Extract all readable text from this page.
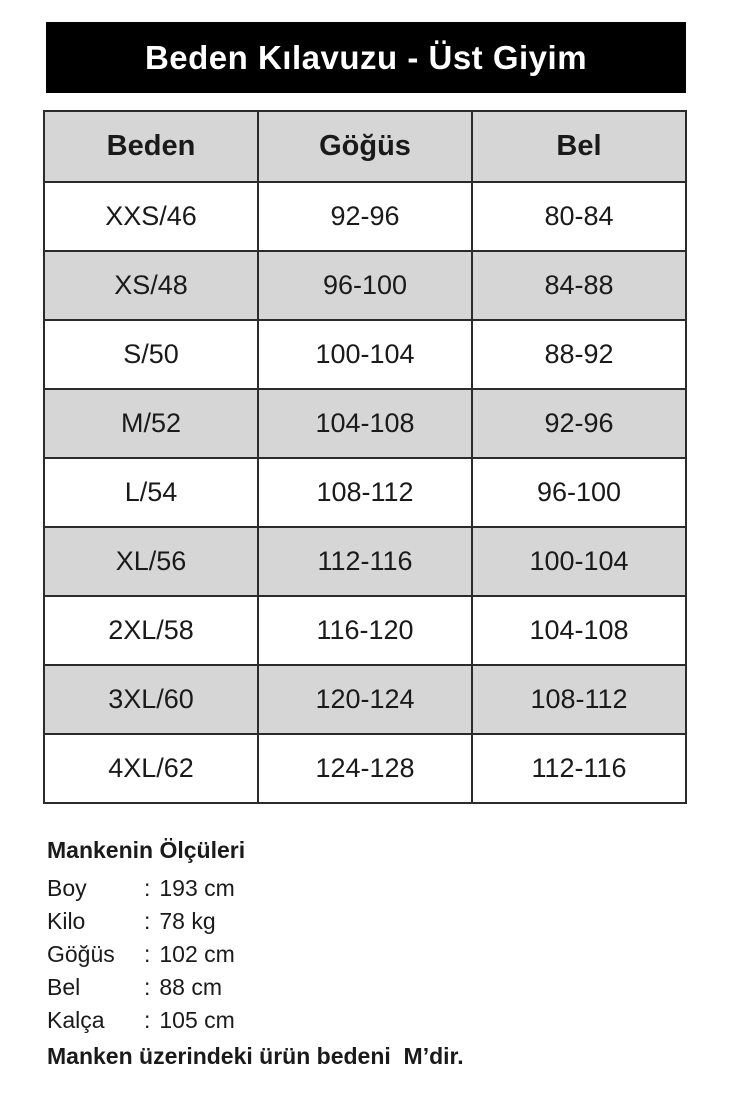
Beden Kılavuzu - Üst Giyim
Beden	Göğüs	Bel
XXS/46	92-96	80-84
XS/48	96-100	84-88
S/50	100-104	88-92
M/52	104-108	92-96
L/54	108-112	96-100
XL/56	112-116	100-104
2XL/58	116-120	104-108
3XL/60	120-124	108-112
4XL/62	124-128	112-116
Mankenin Ölçüleri
Boy	: 193 cm
Kilo	: 78 kg
Göğüs	: 102 cm
Bel	: 88 cm
Kalça	: 105 cm
Manken üzerindeki ürün bedeni  M’dir.
